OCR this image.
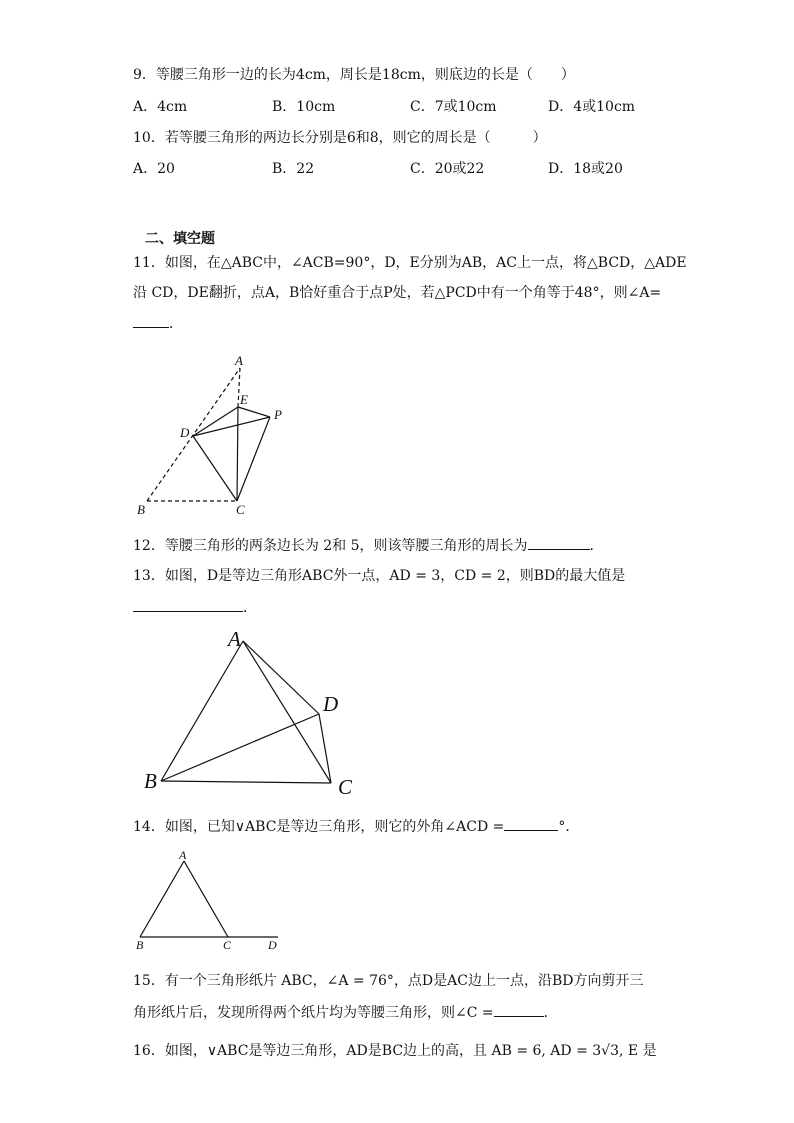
9．等腰三角形一边的长为4cm，周长是18cm，则底边的长是（　　）
A．4cm	B．10cm	C．7或10cm	D．4或10cm
10．若等腰三角形的两边长分别是6和8，则它的周长是（　　　）
A．20	B．22	C．20或22	D．18或20
二、填空题
11．如图，在△ABC中，∠ACB=90°，D，E分别为AB，AC上一点，将△BCD，△ADE
沿 CD，DE翻折，点A，B恰好重合于点P处，若△PCD中有一个角等于48°，则∠A=
．
A
E
P
D
B	C
12．等腰三角形的两条边长为 2和 5，则该等腰三角形的周长为	．
13．如图，D是等边三角形ABC外一点，AD = 3，CD = 2，则BD的最大值是
．
A
B	C
D
14．如图，已知∨ABC是等边三角形，则它的外角∠ACD =	°．
A
B	C	D
15．有一个三角形纸片 ABC，∠A = 76°，点D是AC边上一点，沿BD方向剪开三
角形纸片后，发现所得两个纸片均为等腰三角形，则∠C =	．
16．如图，∨ABC是等边三角形，AD是BC边上的高，且 AB = 6, AD = 3√3, E 是
